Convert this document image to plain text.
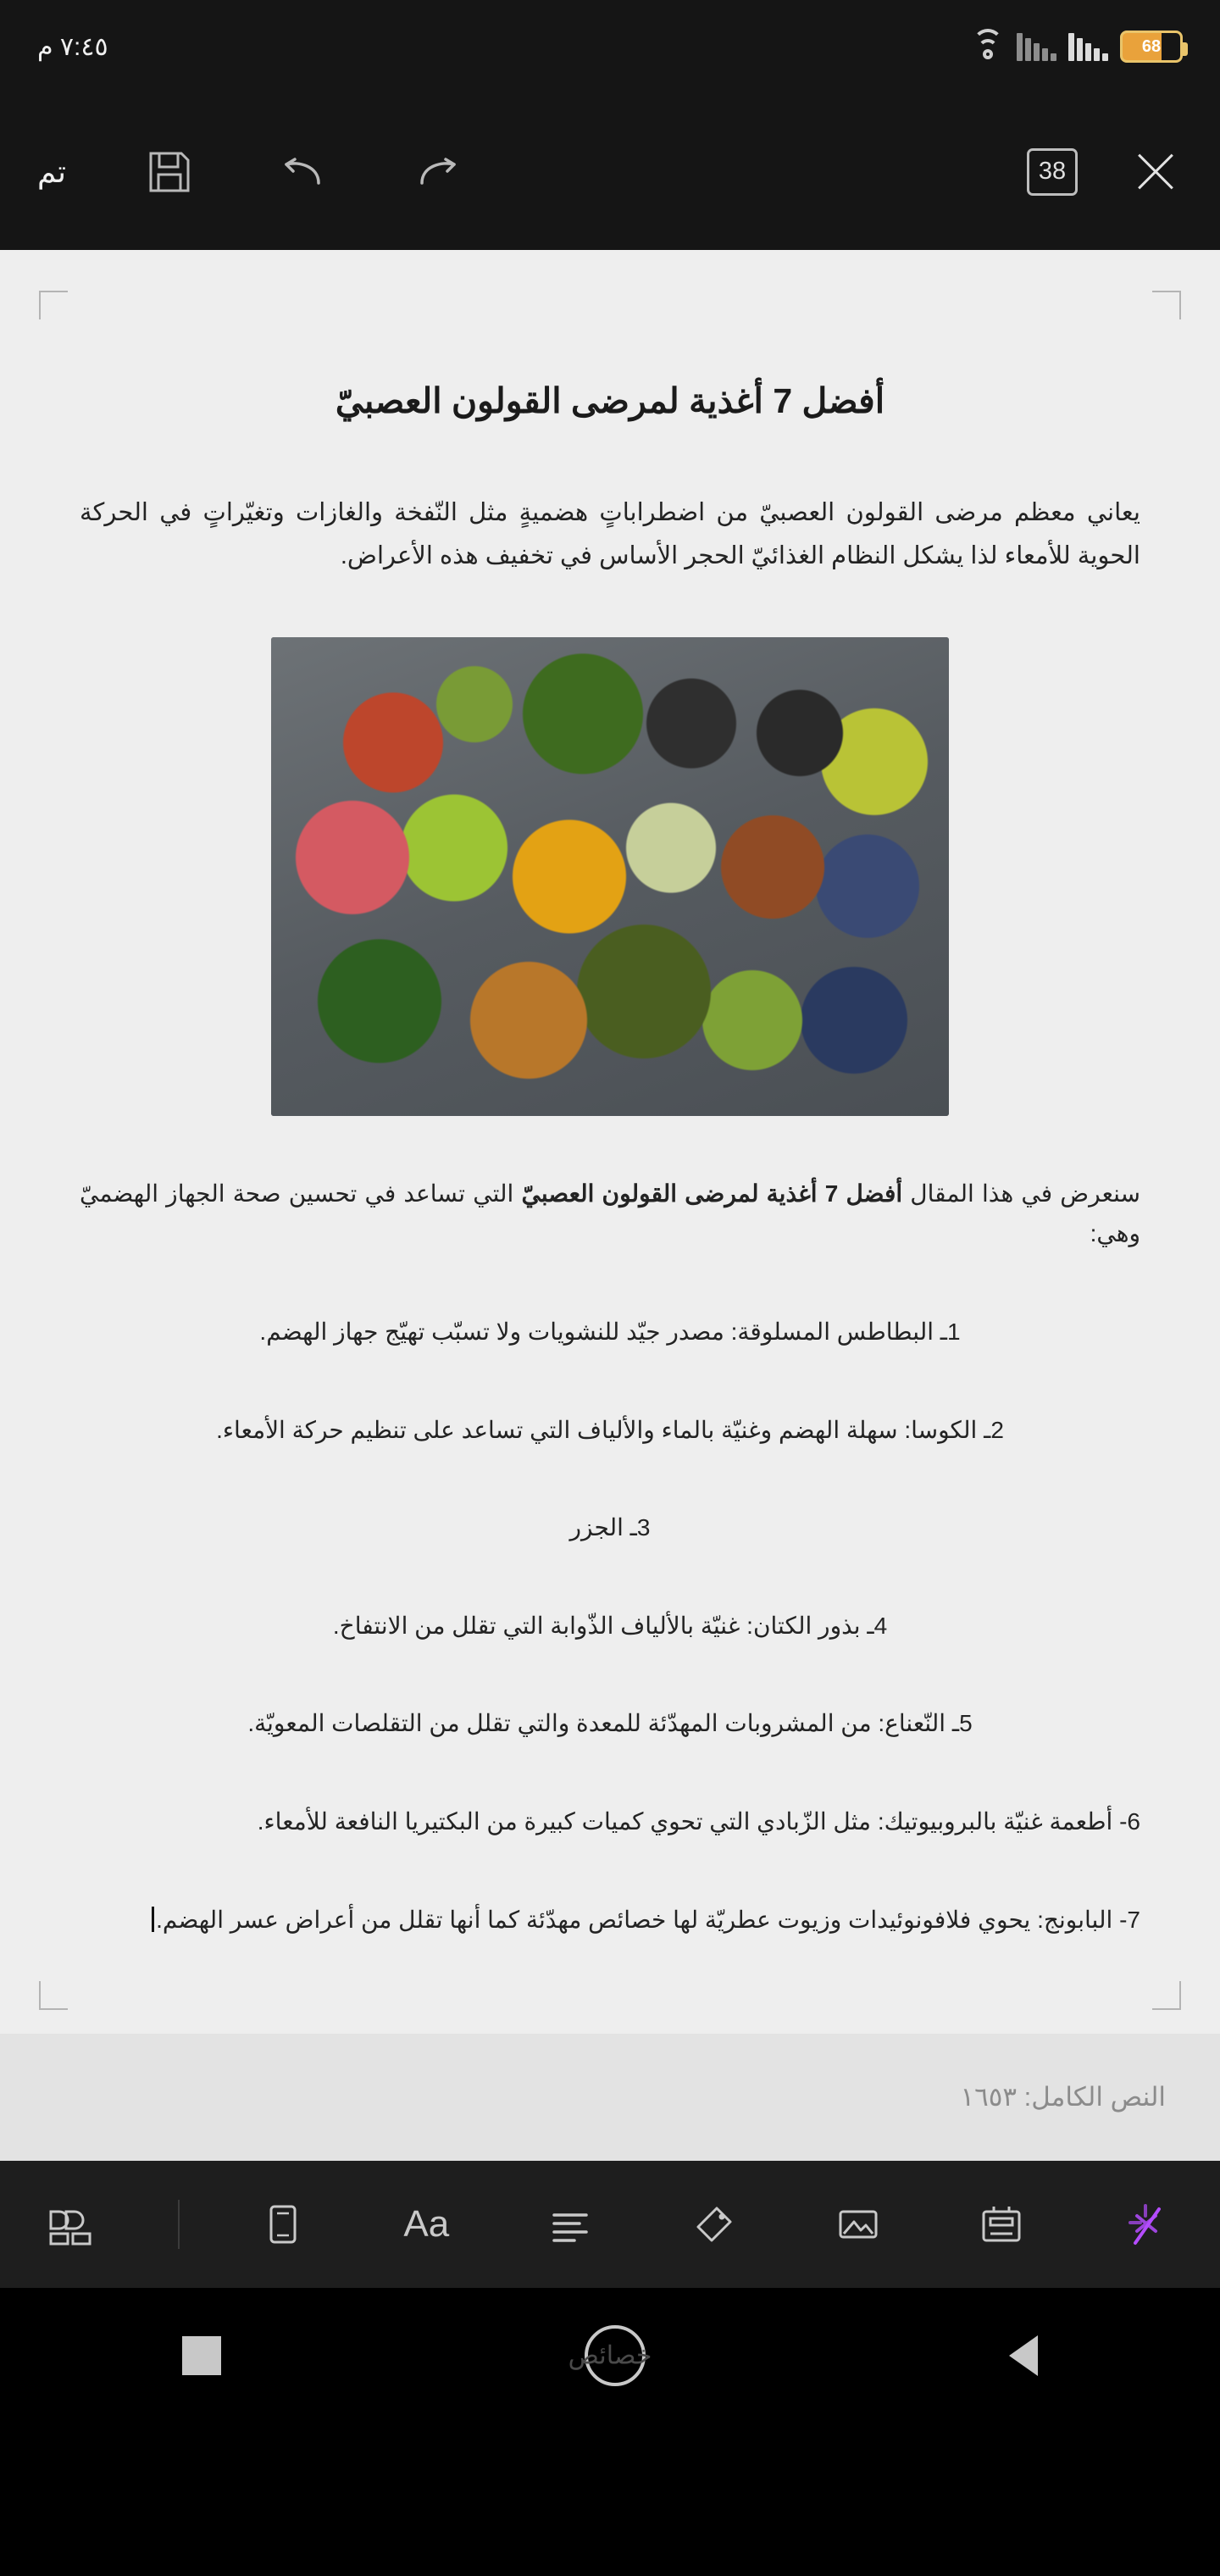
68
٧:٤٥ م
38
تم
أفضل 7 أغذية لمرضى القولون العصبيّ
يعاني معظم مرضى القولون العصبيّ من اضطراباتٍ هضميةٍ مثل النّفخة والغازات وتغيّراتٍ في الحركة الحوية للأمعاء لذا يشكل النظام الغذائيّ الحجر الأساس في تخفيف هذه الأعراض.
سنعرض في هذا المقال أفضل 7 أغذية لمرضى القولون العصبيّ التي تساعد في تحسين صحة الجهاز الهضميّ وهي:
1ـ البطاطس المسلوقة: مصدر جيّد للنشويات ولا تسبّب تهيّج جهاز الهضم.
2ـ الكوسا: سهلة الهضم وغنيّة بالماء والألياف التي تساعد على تنظيم حركة الأمعاء.
3ـ الجزر
4ـ بذور الكتان: غنيّة بالألياف الذّوابة التي تقلل من الانتفاخ.
5ـ النّعناع: من المشروبات المهدّئة للمعدة والتي تقلل من التقلصات المعويّة.
6- أطعمة غنيّة بالبروبيوتيك: مثل الزّبادي التي تحوي كميات كبيرة من البكتيريا النافعة للأمعاء.
7- البابونج: يحوي فلافونوئيدات وزيوت عطريّة لها خصائص مهدّئة كما أنها تقلل من أعراض عسر الهضم.
النص الكامل: ١٦٥٣
Aa
خصائص
